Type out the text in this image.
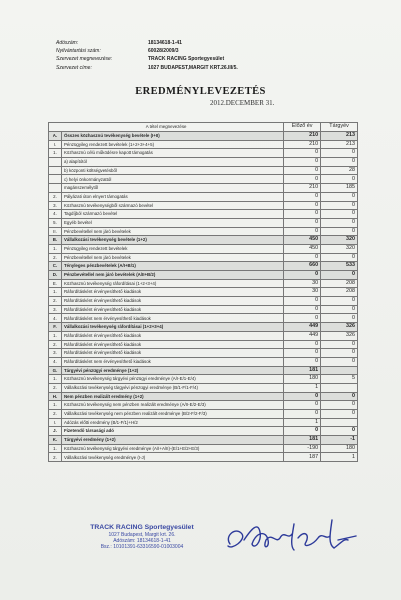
Adószám:	18134618-1-41
Nyilvántartási szám:	60028/2009/3
Szervezet megnevezése:	TRACK RACING Sportegyesület
Szervezet címe:	1027 BUDAPEST,MARGIT KRT.26.III/5.
EREDMÉNYLEVEZETÉS
2012.DECEMBER 31.
A tétel megnevezése		Előző év	Tárgyév
A.	Összes közhasznú tevékenység bevétele (I+II)	210	213
I.	Pénzügyileg rendezett bevételek (1+2+3+4+5)	210	213
1.	Közhasznú célú működésre kapott támogatás	0	0
	a) alapítótól	0	0
	b) központi költségvetésből	0	28
	c) helyi önkormányzattól	0	0
	magánszemélytől	210	185
2.	Pályázati úton elnyert támogatás	0	0
3.	Közhasznú tevékenységből származó bevétel	0	0
4.	Tagdíjból származó bevétel	0	0
5.	Egyéb bevétel	0	0
II.	Pénzbevétellel nem járó bevételek	0	0
B.	Vállalkozási tevékenység bevétele (1+2)	450	320
1.	Pénzügyileg rendezett bevételek	450	320
2.	Pénzbevétellel nem járó bevételek	0	0
C.	Tényleges pénzbevételek (A/I+B/1)	660	533
D.	Pénzbevétellel nem járó bevételek (A/II+B/2)	0	0
E.	Közhasznú tevékenység ráfordításai (1+2+3+4)	30	208
1.	Ráfordításként érvényesíthető kiadások	30	208
2.	Ráfordításként érvényesíthető kiadások	0	0
3.	Ráfordításként érvényesíthető kiadások	0	0
4.	Ráfordításként nem érvényesíthető kiadások	0	0
F.	Vállalkozási tevékenység ráfordításai (1+2+3+4)	449	326
1.	Ráfordításként érvényesíthető kiadások	449	326
2.	Ráfordításként érvényesíthető kiadások	0	0
3.	Ráfordításként érvényesíthető kiadások	0	0
4.	Ráfordításként nem érvényesíthető kiadások	0	0
G.	Tárgyévi pénzügyi eredménye (1+2)	181	
1.	Közhasznú tevékenység tárgyévi pénzügyi eredménye (A/I-E/1-E/4)	180	5
2.	Vállalkozási tevékenység tárgyévi pénzügyi eredménye (B/1-F/1-F/4)	1	
H.	Nem pénzben realizált eredmény (1+2)	0	0
1.	Közhasznú tevékenység nem pénzben realizált eredménye (A/II-E/2-E/3)	0	0
2.	Vállalkozási tevékenység nem pénzben realizált eredménye (B/2-F/2-F/3)	0	0
I.	Adózás előtti eredmény (B/1-F/1)+H/2	1	
J.	Fizetendő társasági adó	0	0
K.	Tárgyévi eredmény (1+2)	181	-1
1.	Közhasznú tevékenység tárgyévi eredménye (A/I+A/II)-(E/1+E/2+E/3)	-190	180
2.	Vállalkozási tevékenység eredménye (I-J)	187	1
TRACK RACING Sportegyesület
1027 Budapest, Margit krt. 26.
Adószám: 18134618-1-41
Bsz.: 10101391-63316590-01003004
